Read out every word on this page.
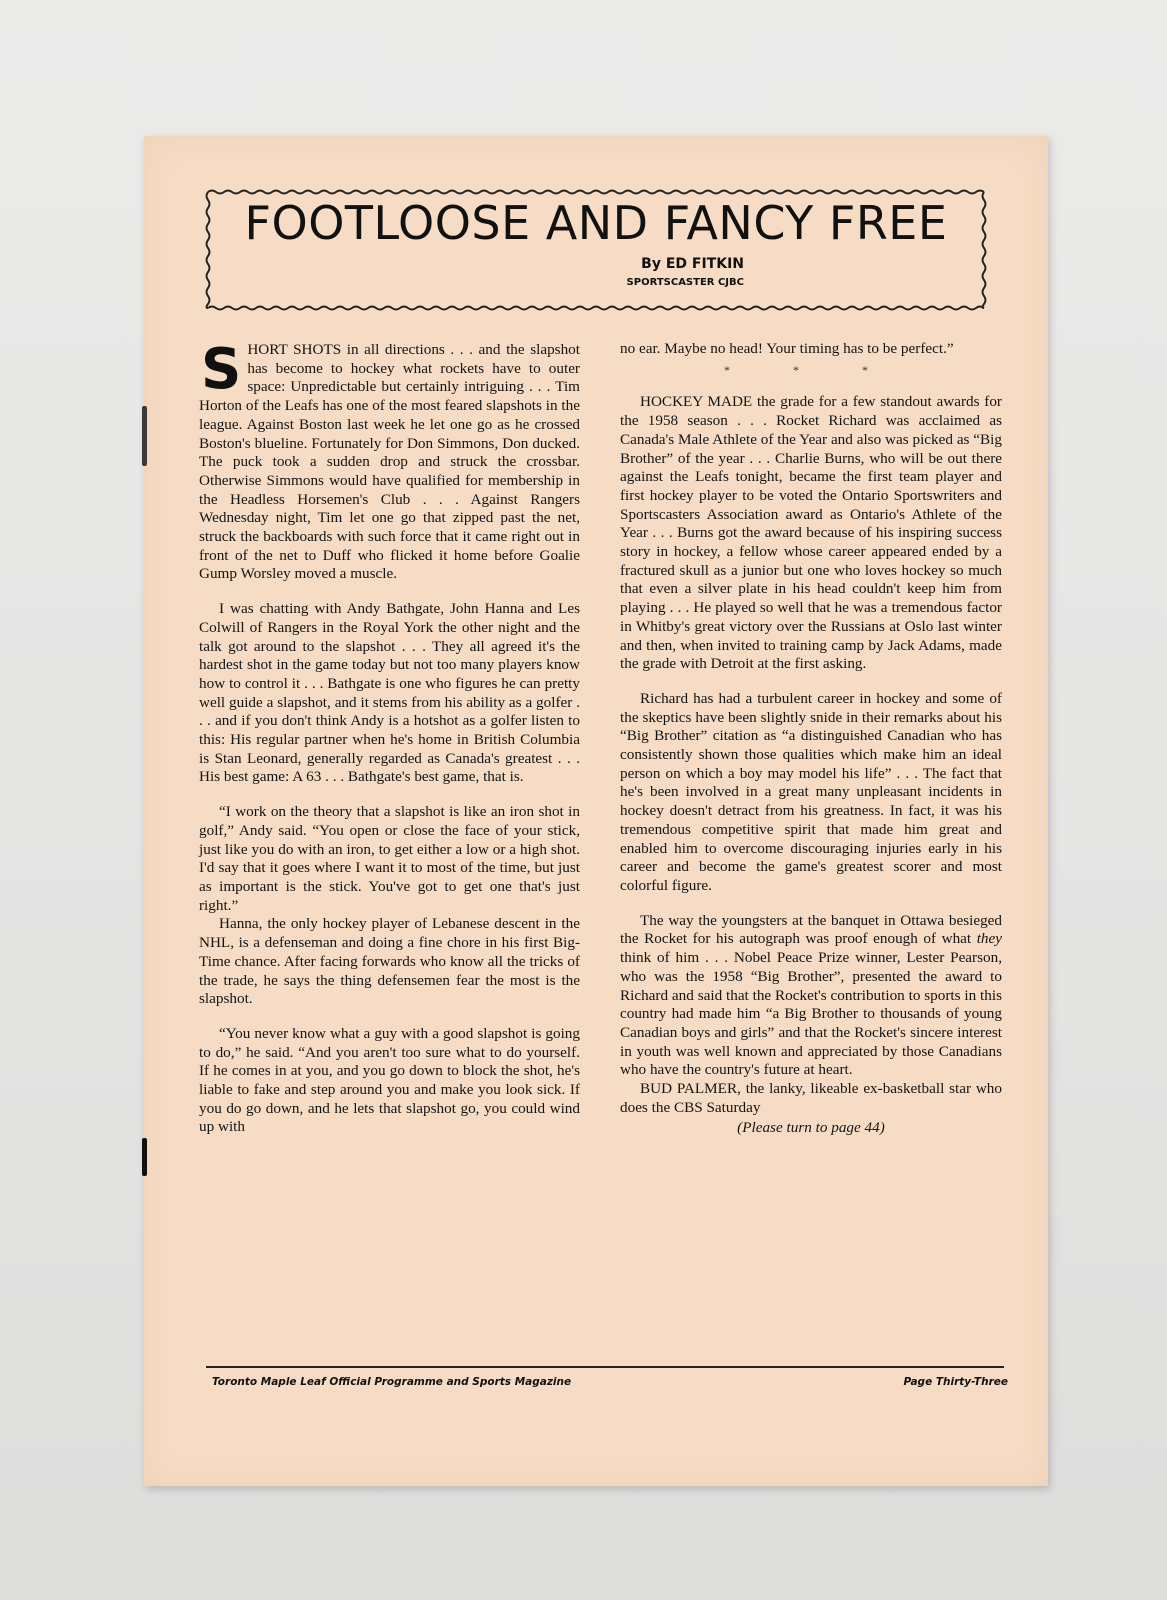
FOOTLOOSE AND FANCY FREE
By ED FITKIN
SPORTSCASTER CJBC

SHORT SHOTS in all directions . . . and the slapshot has become to hockey what rockets have to outer space: Unpredictable but certainly intriguing . . . Tim Horton of the Leafs has one of the most feared slapshots in the league. Against Boston last week he let one go as he crossed Boston's blueline. Fortunately for Don Simmons, Don ducked. The puck took a sudden drop and struck the crossbar. Otherwise Simmons would have qualified for membership in the Headless Horsemen's Club . . . Against Rangers Wednesday night, Tim let one go that zipped past the net, struck the backboards with such force that it came right out in front of the net to Duff who flicked it home before Goalie Gump Worsley moved a muscle.

I was chatting with Andy Bathgate, John Hanna and Les Colwill of Rangers in the Royal York the other night and the talk got around to the slapshot . . . They all agreed it's the hardest shot in the game today but not too many players know how to control it . . . Bathgate is one who figures he can pretty well guide a slapshot, and it stems from his ability as a golfer . . . and if you don't think Andy is a hotshot as a golfer listen to this: His regular partner when he's home in British Columbia is Stan Leonard, generally regarded as Canada's greatest . . . His best game: A 63 . . . Bathgate's best game, that is.

“I work on the theory that a slapshot is like an iron shot in golf,” Andy said. “You open or close the face of your stick, just like you do with an iron, to get either a low or a high shot. I'd say that it goes where I want it to most of the time, but just as important is the stick. You've got to get one that's just right.”

Hanna, the only hockey player of Lebanese descent in the NHL, is a defenseman and doing a fine chore in his first Big-Time chance. After facing forwards who know all the tricks of the trade, he says the thing defensemen fear the most is the slapshot.

“You never know what a guy with a good slapshot is going to do,” he said. “And you aren't too sure what to do yourself. If he comes in at you, and you go down to block the shot, he's liable to fake and step around you and make you look sick. If you do go down, and he lets that slapshot go, you could wind up with

no ear. Maybe no head! Your timing has to be perfect.”

* * *

HOCKEY MADE the grade for a few standout awards for the 1958 season . . . Rocket Richard was acclaimed as Canada's Male Athlete of the Year and also was picked as “Big Brother” of the year . . . Charlie Burns, who will be out there against the Leafs tonight, became the first team player and first hockey player to be voted the Ontario Sportswriters and Sportscasters Association award as Ontario's Athlete of the Year . . . Burns got the award because of his inspiring success story in hockey, a fellow whose career appeared ended by a fractured skull as a junior but one who loves hockey so much that even a silver plate in his head couldn't keep him from playing . . . He played so well that he was a tremendous factor in Whitby's great victory over the Russians at Oslo last winter and then, when invited to training camp by Jack Adams, made the grade with Detroit at the first asking.

Richard has had a turbulent career in hockey and some of the skeptics have been slightly snide in their remarks about his “Big Brother” citation as “a distinguished Canadian who has consistently shown those qualities which make him an ideal person on which a boy may model his life” . . . The fact that he's been involved in a great many unpleasant incidents in hockey doesn't detract from his greatness. In fact, it was his tremendous competitive spirit that made him great and enabled him to overcome discouraging injuries early in his career and become the game's greatest scorer and most colorful figure.

The way the youngsters at the banquet in Ottawa besieged the Rocket for his autograph was proof enough of what they think of him . . . Nobel Peace Prize winner, Lester Pearson, who was the 1958 “Big Brother”, presented the award to Richard and said that the Rocket's contribution to sports in this country had made him “a Big Brother to thousands of young Canadian boys and girls” and that the Rocket's sincere interest in youth was well known and appreciated by those Canadians who have the country's future at heart.

BUD PALMER, the lanky, likeable ex-basketball star who does the CBS Saturday

(Please turn to page 44)
Toronto Maple Leaf Official Programme and Sports Magazine	Page Thirty-Three
